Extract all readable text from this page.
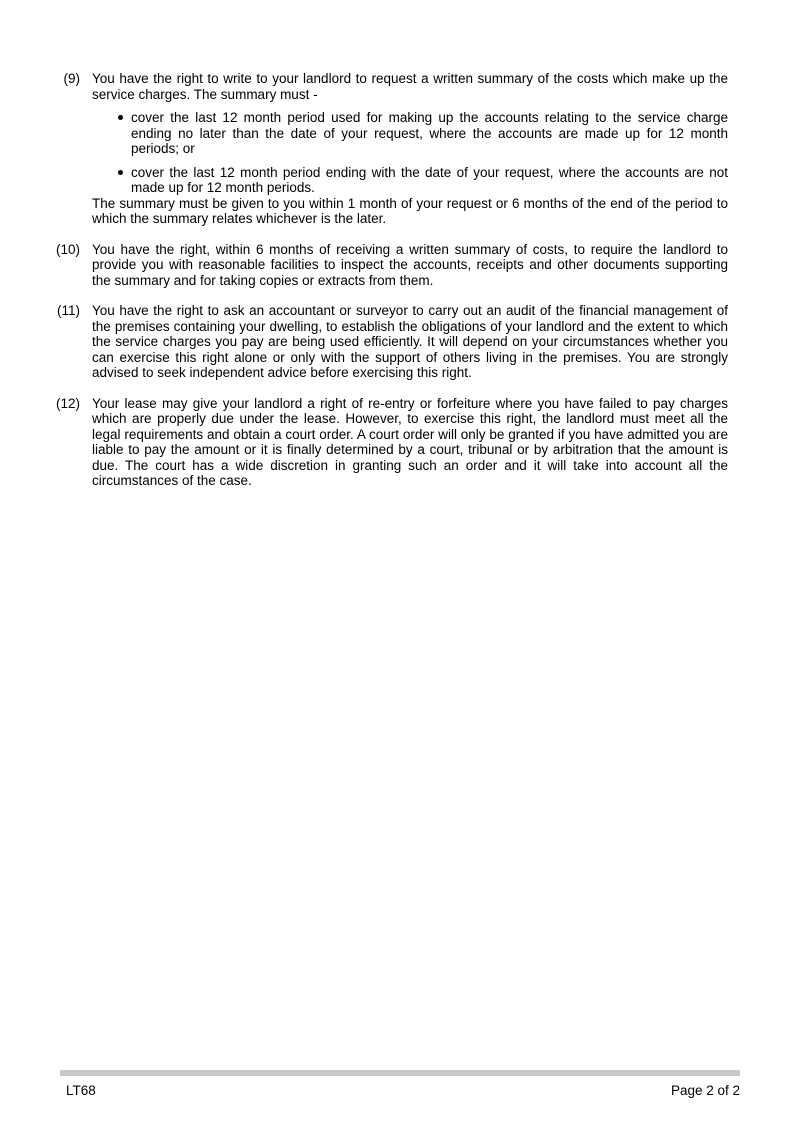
(9) You have the right to write to your landlord to request a written summary of the costs which make up the service charges. The summary must -

cover the last 12 month period used for making up the accounts relating to the service charge ending no later than the date of your request, where the accounts are made up for 12 month periods; or

cover the last 12 month period ending with the date of your request, where the accounts are not made up for 12 month periods.

The summary must be given to you within 1 month of your request or 6 months of the end of the period to which the summary relates whichever is the later.

(10) You have the right, within 6 months of receiving a written summary of costs, to require the landlord to provide you with reasonable facilities to inspect the accounts, receipts and other documents supporting the summary and for taking copies or extracts from them.

(11) You have the right to ask an accountant or surveyor to carry out an audit of the financial management of the premises containing your dwelling, to establish the obligations of your landlord and the extent to which the service charges you pay are being used efficiently. It will depend on your circumstances whether you can exercise this right alone or only with the support of others living in the premises. You are strongly advised to seek independent advice before exercising this right.

(12) Your lease may give your landlord a right of re-entry or forfeiture where you have failed to pay charges which are properly due under the lease. However, to exercise this right, the landlord must meet all the legal requirements and obtain a court order. A court order will only be granted if you have admitted you are liable to pay the amount or it is finally determined by a court, tribunal or by arbitration that the amount is due. The court has a wide discretion in granting such an order and it will take into account all the circumstances of the case.

LT68	Page 2 of 2
